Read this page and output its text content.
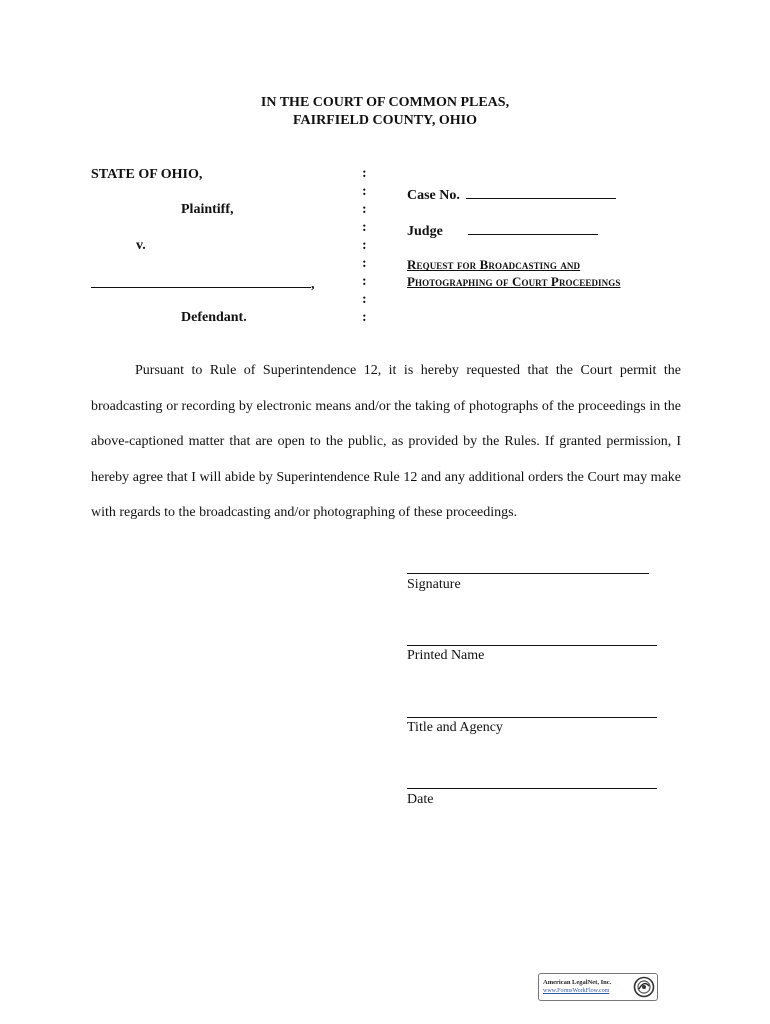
IN THE COURT OF COMMON PLEAS,
FAIRFIELD COUNTY, OHIO
STATE OF OHIO,
Plaintiff,
v.
,
Defendant.
:
:
:
:
:
:
:
:
:
Case No.
Judge
Request for Broadcasting and
Photographing of Court Proceedings

Pursuant to Rule of Superintendence 12, it is hereby requested that the Court permit the broadcasting or recording by electronic means and/or the taking of photographs of the proceedings in the above-captioned matter that are open to the public, as provided by the Rules. If granted permission, I hereby agree that I will abide by Superintendence Rule 12 and any additional orders the Court may make with regards to the broadcasting and/or photographing of these proceedings.

Signature
Printed Name
Title and Agency
Date
American LegalNet, Inc.
www.FormsWorkFlow.com
